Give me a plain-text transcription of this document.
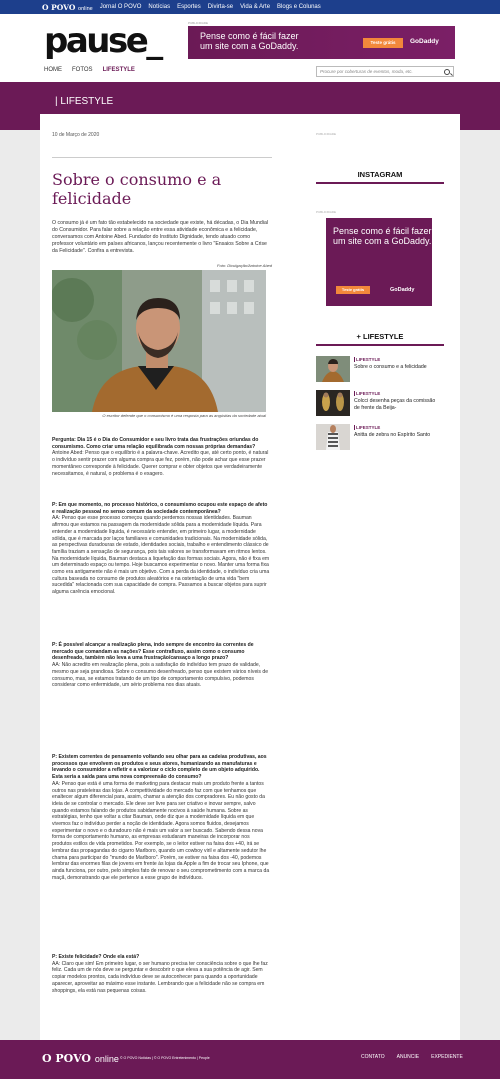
O POVO online Jornal O POVO Notícias Esportes Divirta-se Vida & Arte Blogs e Colunas
pause_	PUBLICIDADE
Pense como é fácil fazer
um site com a GoDaddy.	Teste grátis	GoDaddy
HOME FOTOS LIFESTYLE	Procure por coberturas de eventos, moda, etc.
| LIFESTYLE
10 de Março de 2020
Sobre o consumo e a felicidade
O consumo já é um fato tão estabelecido na sociedade que existe, há décadas, o Dia Mundial do Consumidor. Para falar sobre a relação entre essa atividade econômica e a felicidade, conversamos com Antoine Abed. Fundador do Instituto Dignidade, tendo atuado como professor voluntário em países africanos, lançou recentemente o livro "Ensaios Sobre a Crise da Felicidade". Confira a entrevista.
Foto: Divulgação/Antoine Abed
O escritor defende que o consumismo é uma resposta para as angústias da sociedade atual
Pergunta: Dia 15 é o Dia do Consumidor e seu livro trata das frustrações oriundas do consumismo. Como criar uma relação equilibrada com nossas próprias demandas?
Antoine Abed: Penso que o equilíbrio é a palavra-chave. Acredito que, até certo ponto, é natural o indivíduo sentir prazer com alguma compra que fez, porém, não pode achar que esse prazer momentâneo corresponde à felicidade. Querer comprar e obter objetos que verdadeiramente necessitamos, é natural, o problema é o exagero.
P: Em que momento, no processo histórico, o consumismo ocupou este espaço de afeto e realização pessoal no senso comum da sociedade contemporânea?
AA: Penso que esse processo começou quando perdemos nossas identidades. Bauman afirmou que estamos na passagem da modernidade sólida para a modernidade líquida. Para entender a modernidade líquida, é necessário entender, em primeiro lugar, a modernidade sólida, que é marcada por laços familiares e comunidades tradicionais. Na modernidade sólida, as perspectivas duradouras de estado, identidades sociais, trabalho e entendimento clássico de família traziam a sensação de segurança, pois tais valores se transformavam em ritmos lentos. Na modernidade líquida, Bauman destaca a liquefação das formas sociais. Agora, não é fixa em um determinado espaço ou tempo. Hoje buscamos experimentar o novo. Manter uma forma fixa como era antigamente não é mais um objetivo. Com a perda da identidade, o indivíduo cria uma cultura baseada no consumo de produtos aleatórios e na ostentação de uma vida "bem sucedida" relacionada com sua capacidade de compra. Passamos a buscar objetos para suprir alguma carência emocional.
P: É possível alcançar a realização plena, indo sempre de encontro às correntes de mercado que comandam as nações? Esse contrafluxo, assim como o consumo desenfreado, também não leva a uma frustração/cansaço a longo prazo?
AA: Não acredito em realização plena, pois a satisfação do indivíduo tem prazo de validade, mesmo que seja grandiosa. Sobre o consumo desenfreado, penso que existem vários níveis de consumo, mas, se estamos tratando de um tipo de comportamento compulsivo, podemos considerar como enfermidade, um sério problema nos dias atuais.
P: Existem correntes de pensamento voltando seu olhar para as cadeias produtivas, aos processos que envolvem os produtos e seus atores, humanizando as manufaturas e levando o consumidor a refletir e a valorizar o ciclo completo de um objeto adquirido. Esta seria a saída para uma nova compreensão do consumo?
AA: Penso que está é uma forma de marketing para destacar mais um produto frente a tantos outros nas prateleiras das lojas. A competitividade do mercado faz com que tenhamos que enaltecer algum diferencial para, assim, chamar a atenção dos compradores. Eu não gosto da ideia de se controlar o mercado. Ele deve ser livre para ser criativo e inovar sempre, salvo quando estamos falando de produtos sabidamente nocivos à saúde humana. Sobre as estratégias, tenho que voltar a citar Bauman, onde diz que a modernidade líquida em que vivemos faz o indivíduo perder a noção de identidade. Agora somos fluidos, desejamos experimentar o novo e o duradouro não é mais um valor a ser buscado. Sabendo dessa nova forma de comportamento humano, as empresas estudaram maneiras de incorporar nos produtos estilos de vida prometidos. Por exemplo, se o leitor estiver na faixa dos +40, irá se lembrar das propagandas do cigarro Marlboro, quando um cowboy viril e altamente sedutor lhe chama para participar do "mundo de Marlboro". Porém, se estiver na faixa dos -40, podemos lembrar das enormes filas de jovens em frente às lojas da Apple a fim de trocar seu Iphone, que ainda funciona, por outro, pelo simples fato de renovar o seu comprometimento com a marca da maçã, demonstrando que ele pertence a esse grupo de indivíduos.
P: Existe felicidade? Onde ela está?
AA: Claro que sim! Em primeiro lugar, o ser humano precisa ter consciência sobre o que lhe faz feliz. Cada um de nós deve se perguntar e descobrir o que eleva a sua potência de agir. Sem copiar modelos prontos, cada indivíduo deve se autoconhecer para quando a oportunidade aparecer, aproveitar ao máximo esse instante. Lembrando que a felicidade não se compra em shoppings, ela está nas pequenas coisas.
PUBLICIDADE
INSTAGRAM
PUBLICIDADE
Pense como é fácil fazer um site com a GoDaddy.
Teste grátis	GoDaddy
+ LIFESTYLE
LIFESTYLE
Sobre o consumo e a felicidade
LIFESTYLE
Colcci desenha peças da comissão de frente da Beija-
LIFESTYLE
Anitta de zebra no Espírito Santo
O POVO online © O POVO Notícias | © O POVO Entretenimento | People	CONTATO ANUNCIE EXPEDIENTE
